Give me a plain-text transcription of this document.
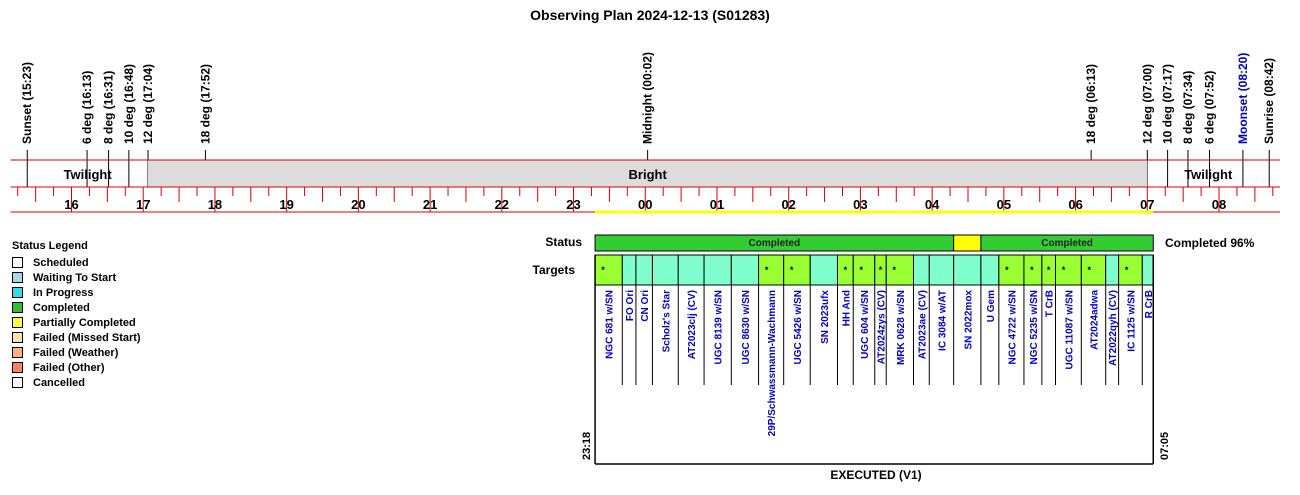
Observing Plan 2024-12-13 (S01283)
Sunset (15:23)	6 deg (16:13) 8 deg (16:31) 10 deg (16:48) 12 deg (17:04)	18 deg (17:52)	Midnight (00:02)	18 deg (06:13)	12 deg (07:00) 10 deg (07:17) 8 deg (07:34) 6 deg (07:52) Moonset (08:20) Sunrise (08:42)
Twilight	Bright	Twilight
16	17	18	19	20	21	22	23	00	01	02	03	04	05	06	07	08
Status	Completed	Completed	Completed 96%
Targets	*
NGC 681 w/SN FO Ori CN Ori Scholz's Star AT2023clj (CV) UGC 8139 w/SN UGC 8630 w/SN
*
29P/Schwassmann-Wachmann
*
UGC 5426 w/SN SN 2023ufx
*
HH And
*
UGC 604 w/SN
*
AT2024zys (CV)
*
MRK 0628 w/SN AT2023ae (CV) IC 3084 w/AT SN 2022mox U Gem
*
NGC 4722 w/SN
*
NGC 5235 w/SN
*
T CrB
*
UGC 11087 w/SN
*
AT2024adwa AT2022qyh (CV)
*
IC 1125 w/SN R CrB
23:18	07:05
EXECUTED (V1)
Status Legend
Scheduled
Waiting To Start
In Progress
Completed
Partially Completed
Failed (Missed Start)
Failed (Weather)
Failed (Other)
Cancelled
